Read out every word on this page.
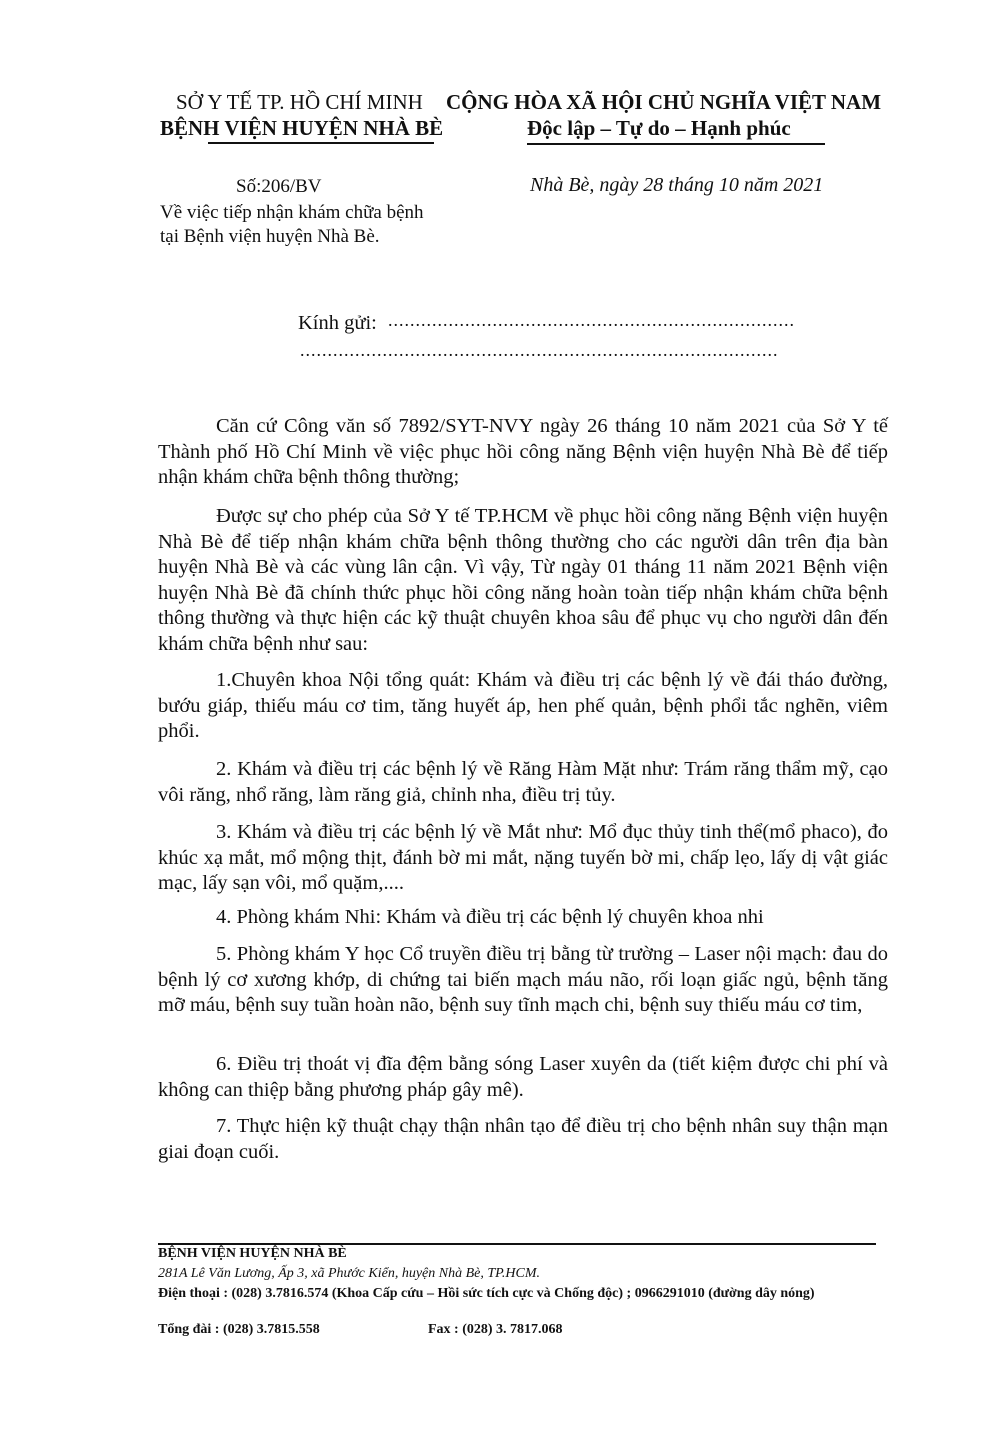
SỞ Y TẾ TP. HỒ CHÍ MINH
BỆNH VIỆN HUYỆN NHÀ BÈ
CỘNG HÒA XÃ HỘI CHỦ NGHĨA VIỆT NAM
Độc lập – Tự do – Hạnh phúc
Số:206/BV
Về việc tiếp nhận khám chữa bệnh
tại Bệnh viện huyện Nhà Bè.
Nhà Bè, ngày 28 tháng 10 năm 2021
Kính gửi: ..........................................................................
.......................................................................................
Căn cứ Công văn số 7892/SYT-NVY ngày 26 tháng 10 năm 2021 của Sở Y tế Thành phố Hồ Chí Minh về việc phục hồi công năng Bệnh viện huyện Nhà Bè để tiếp nhận khám chữa bệnh thông thường;
Được sự cho phép của Sở Y tế TP.HCM về phục hồi công năng Bệnh viện huyện Nhà Bè để tiếp nhận khám chữa bệnh thông thường cho các người dân trên địa bàn huyện Nhà Bè và các vùng lân cận. Vì vậy, Từ ngày 01 tháng 11 năm 2021 Bệnh viện huyện Nhà Bè đã chính thức phục hồi công năng hoàn toàn tiếp nhận khám chữa bệnh thông thường và thực hiện các kỹ thuật chuyên khoa sâu để phục vụ cho người dân đến khám chữa bệnh như sau:
1.Chuyên khoa Nội tổng quát: Khám và điều trị các bệnh lý về đái tháo đường, bướu giáp, thiếu máu cơ tim, tăng huyết áp, hen phế quản, bệnh phổi tắc nghẽn, viêm phổi.
2. Khám và điều trị các bệnh lý về Răng Hàm Mặt như: Trám răng thẩm mỹ, cạo vôi răng, nhổ răng, làm răng giả, chỉnh nha, điều trị tủy.
3. Khám và điều trị các bệnh lý về Mắt như: Mổ đục thủy tinh thể(mổ phaco), đo khúc xạ mắt, mổ mộng thịt, đánh bờ mi mắt, nặng tuyến bờ mi, chấp lẹo, lấy dị vật giác mạc, lấy sạn vôi, mổ quặm,....
4. Phòng khám Nhi: Khám và điều trị các bệnh lý chuyên khoa nhi
5. Phòng khám Y học Cổ truyền điều trị bằng từ trường – Laser nội mạch: đau do bệnh lý cơ xương khớp, di chứng tai biến mạch máu não, rối loạn giấc ngủ, bệnh tăng mỡ máu, bệnh suy tuần hoàn não, bệnh suy tĩnh mạch chi, bệnh suy thiếu máu cơ tim,
6. Điều trị thoát vị đĩa đệm bằng sóng Laser xuyên da (tiết kiệm được chi phí và không can thiệp bằng phương pháp gây mê).
7. Thực hiện kỹ thuật chạy thận nhân tạo để điều trị cho bệnh nhân suy thận mạn giai đoạn cuối.
BỆNH VIỆN HUYỆN NHÀ BÈ
281A Lê Văn Lương, Ấp 3, xã Phước Kiển, huyện Nhà Bè, TP.HCM.
Điện thoại : (028) 3.7816.574 (Khoa Cấp cứu – Hồi sức tích cực và Chống độc) ; 0966291010 (đường dây nóng)
Tổng đài : (028) 3.7815.558	Fax : (028) 3. 7817.068
